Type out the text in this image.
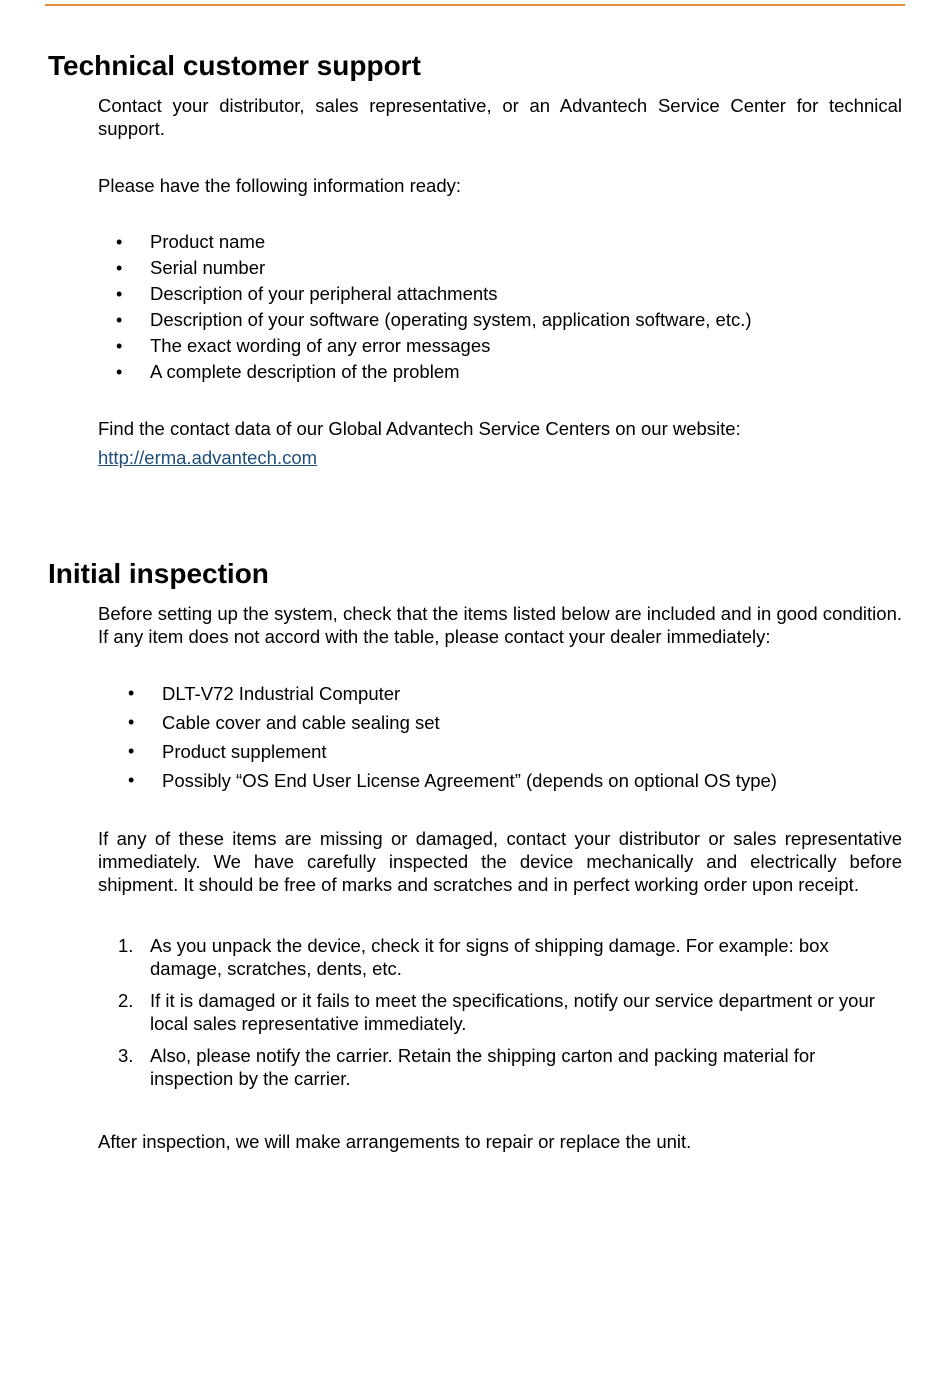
Technical customer support

Contact your distributor, sales representative, or an Advantech Service Center for technical support.

Please have the following information ready:

• Product name
• Serial number
• Description of your peripheral attachments
• Description of your software (operating system, application software, etc.)
• The exact wording of any error messages
• A complete description of the problem

Find the contact data of our Global Advantech Service Centers on our website:

http://erma.advantech.com
Initial inspection

Before setting up the system, check that the items listed below are included and in good condition. If any item does not accord with the table, please contact your dealer immediately:

• DLT-V72 Industrial Computer
• Cable cover and cable sealing set
• Product supplement
• Possibly “OS End User License Agreement” (depends on optional OS type)

If any of these items are missing or damaged, contact your distributor or sales representative immediately. We have carefully inspected the device mechanically and electrically before shipment. It should be free of marks and scratches and in perfect working order upon receipt.

1. As you unpack the device, check it for signs of shipping damage. For example: box damage, scratches, dents, etc.
2. If it is damaged or it fails to meet the specifications, notify our service department or your local sales representative immediately.
3. Also, please notify the carrier. Retain the shipping carton and packing material for inspection by the carrier.

After inspection, we will make arrangements to repair or replace the unit.
